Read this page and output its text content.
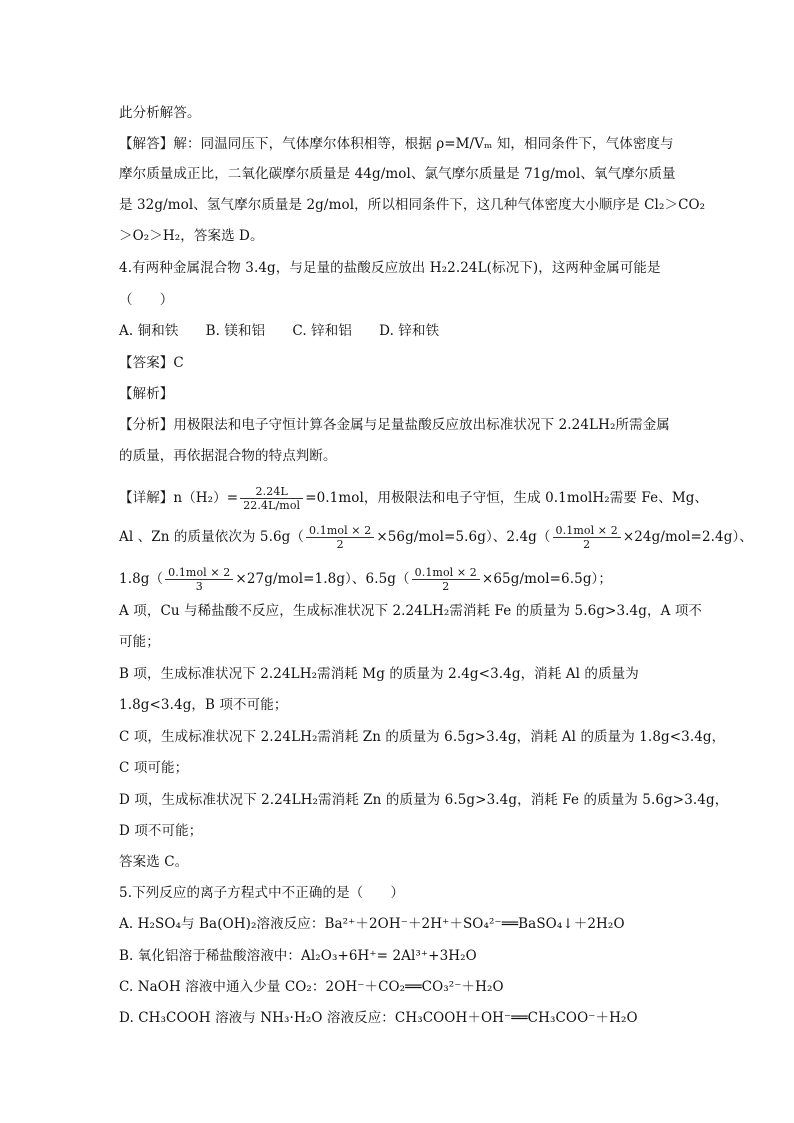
此分析解答。
【解答】解：同温同压下，气体摩尔体积相等，根据 ρ=M/Vₘ 知，相同条件下，气体密度与
摩尔质量成正比，二氧化碳摩尔质量是 44g/mol、氯气摩尔质量是 71g/mol、氧气摩尔质量
是 32g/mol、氢气摩尔质量是 2g/mol，所以相同条件下，这几种气体密度大小顺序是 Cl₂＞CO₂
＞O₂＞H₂，答案选 D。
4.有两种金属混合物 3.4g，与足量的盐酸反应放出 H₂2.24L(标况下)，这两种金属可能是
（　　）
A. 铜和铁　　B. 镁和铝　　C. 锌和铝　　D. 锌和铁
【答案】C
【解析】
【分析】用极限法和电子守恒计算各金属与足量盐酸反应放出标准状况下 2.24LH₂所需金属
的质量，再依据混合物的特点判断。
【详解】$n(H_2)= \frac{2.24L}{\text{22.4L/mol}} =0.1mol$，用极限法和电子守恒，生成 0.1molH₂需要 Fe、Mg、
Al 、Zn 的质量依次为 $5.6g( \frac{\text{0.1mol × 2}}{2} \times 56g/mol=5.6g)$、$2.4g( \frac{\text{0.1mol × 2}}{2} \times 24g/mol=2.4g)$、
$1.8g( \frac{\text{0.1mol × 2}}{3} \times 27g/mol=1.8g)$、$6.5g( \frac{\text{0.1mol × 2}}{2} \times 65g/mol=6.5g)$；
A 项，Cu 与稀盐酸不反应，生成标准状况下 2.24LH₂需消耗 Fe 的质量为 5.6g>3.4g，A 项不
可能；
B 项，生成标准状况下 2.24LH₂需消耗 Mg 的质量为 2.4g<3.4g，消耗 Al 的质量为
1.8g<3.4g，B 项不可能；
C 项，生成标准状况下 2.24LH₂需消耗 Zn 的质量为 6.5g>3.4g，消耗 Al 的质量为 1.8g<3.4g，
C 项可能；
D 项，生成标准状况下 2.24LH₂需消耗 Zn 的质量为 6.5g>3.4g，消耗 Fe 的质量为 5.6g>3.4g，
D 项不可能；
答案选 C。
5.下列反应的离子方程式中不正确的是（　　）
A. H₂SO₄与 Ba(OH)₂溶液反应：Ba²⁺＋2OH⁻＋2H⁺＋SO₄²⁻══BaSO₄↓＋2H₂O
B. 氧化铝溶于稀盐酸溶液中：Al₂O₃+6H⁺= 2Al³⁺+3H₂O
C. NaOH 溶液中通入少量 CO₂：2OH⁻＋CO₂══CO₃²⁻＋H₂O
D. CH₃COOH 溶液与 NH₃·H₂O 溶液反应：CH₃COOH＋OH⁻══CH₃COO⁻＋H₂O
